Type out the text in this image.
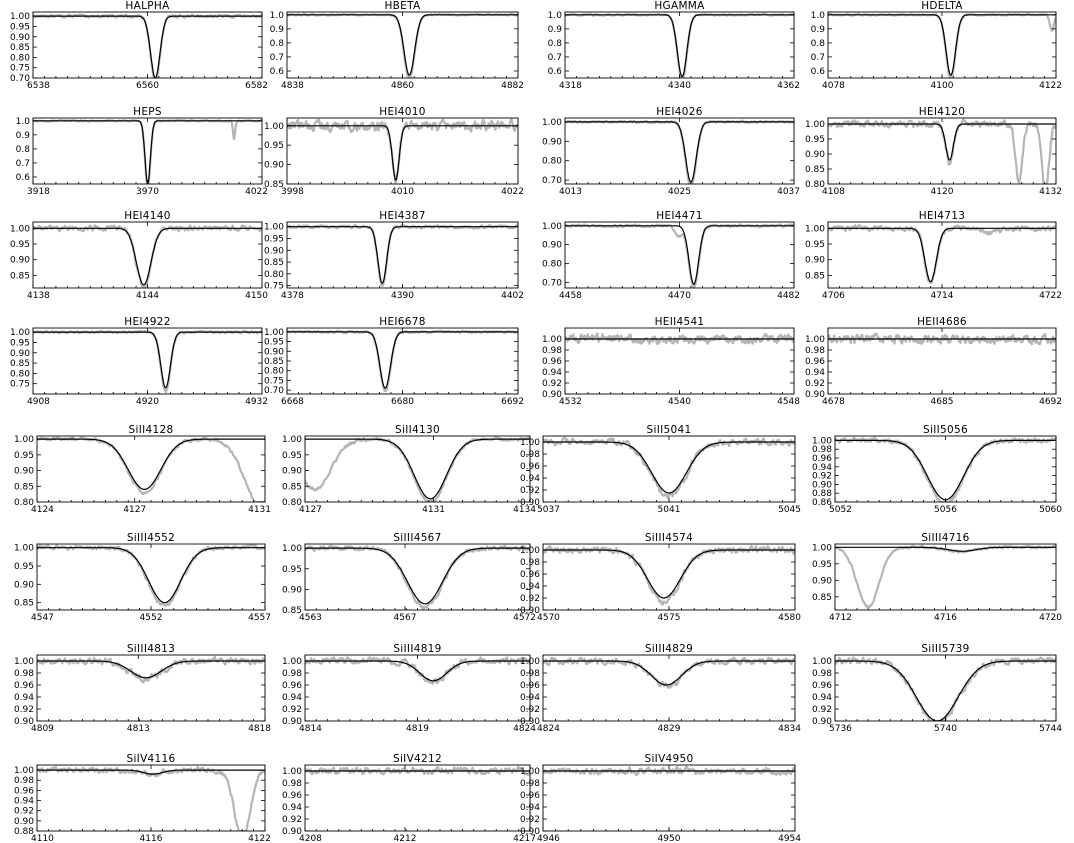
HALPHA
6538	6560	6582
0.70
0.75
0.80
0.85
0.90
0.95
1.00
HBETA
4838	4860	4882
0.6
0.7
0.8
0.9
1.0
HGAMMA
4318	4340	4362
0.6
0.7
0.8
0.9
1.0
HDELTA
4078	4100	4122
0.6
0.7
0.8
0.9
1.0
HEPS
3918	3970	4022
0.6
0.7
0.8
0.9
1.0
HEI4010
3998	4010	4022
0.85
0.90
0.95
1.00
HEI4026
4013	4025	4037
0.70
0.80
0.90
1.00
HEI4120
4108	4120	4132
0.80
0.85
0.90
0.95
1.00
HEI4140
4138	4144	4150
0.85
0.90
0.95
1.00
HEI4387
4378	4390	4402
0.75
0.80
0.85
0.90
0.95
1.00
HEI4471
4458	4470	4482
0.70
0.80
0.90
1.00
HEI4713
4706	4714	4722
0.85
0.90
0.95
1.00
HEI4922
4908	4920	4932
0.75
0.80
0.85
0.90
0.95
1.00
HEI6678
6668	6680	6692
0.70
0.75
0.80
0.85
0.90
0.95
1.00
HEII4541
4532	4540	4548
0.90
0.92
0.94
0.96
0.98
1.00
HEII4686
4678	4685	4692
0.90
0.92
0.94
0.96
0.98
1.00
SiII4128
4124	4127	4131
0.80
0.85
0.90
0.95
1.00
SiII4130
4127	4131	4134
0.80
0.85
0.90
0.95
1.00
SiII5041
5037	5041	5045
0.90
0.92
0.94
0.96
0.98
1.00
SiII5056
5052	5056	5060
0.86
0.88
0.90
0.92
0.94
0.96
0.98
1.00
SiIII4552
4547	4552	4557
0.85
0.90
0.95
1.00
SiIII4567
4563	4567	4572
0.85
0.90
0.95
1.00
SiIII4574
4570	4575	4580
0.90
0.92
0.94
0.96
0.98
1.00
SiIII4716
4712	4716	4720
0.85
0.90
0.95
1.00
SiIII4813
4809	4813	4818
0.90
0.92
0.94
0.96
0.98
1.00
SiIII4819
4814	4819	4824
0.90
0.92
0.94
0.96
0.98
1.00
SiIII4829
4824	4829	4834
0.90
0.92
0.94
0.96
0.98
1.00
SiIII5739
5736	5740	5744
0.90
0.92
0.94
0.96
0.98
1.00
SiIV4116
4110	4116	4122
0.88
0.90
0.92
0.94
0.96
0.98
1.00
SiIV4212
4208	4212	4217
0.90
0.92
0.94
0.96
0.98
1.00
SiIV4950
4946	4950	4954
0.90
0.92
0.94
0.96
0.98
1.00
